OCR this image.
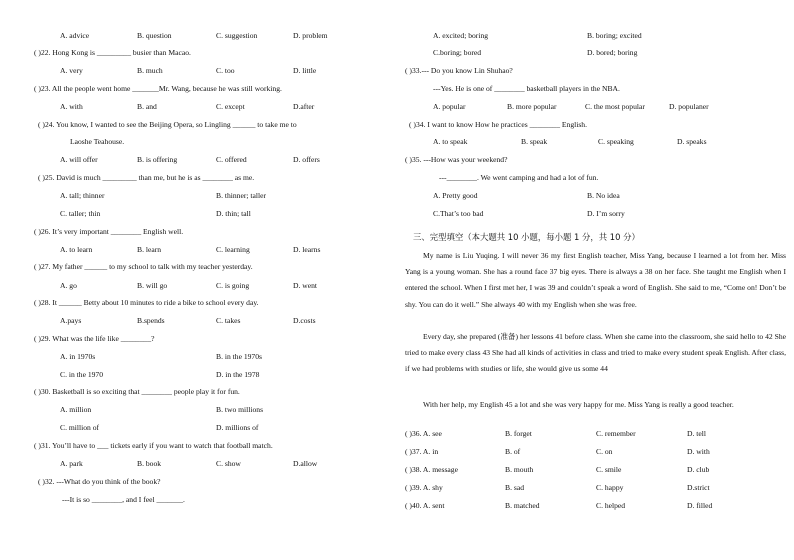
A. advice	B. question	C. suggestion	D. problem
( )22. Hong Kong is _________ busier than Macao.
A. very	B. much	C. too	D. little
( )23. All the people went home _______Mr. Wang, because he was still working.
A. with	B. and	C. except	D.after
( )24. You know, I wanted to see the Beijing Opera, so Lingling ______ to take me to
Laoshe Teahouse.
A. will offer	B. is offering	C. offered	D. offers
( )25. David is much _________ than me, but he is as ________ as me.
A. tall; thinner	B. thinner; taller
C. taller; thin	D. thin; tall
( )26. It’s very important ________ English well.
A. to learn	B. learn	C. learning	D. learns
( )27. My father ______ to my school to talk with my teacher yesterday.
A. go	B. will go	C. is going	D. went
( )28. It ______ Betty about 10 minutes to ride a bike to school every day.
A.pays	B.spends	C. takes	D.costs
( )29. What was the life like ________?
A. in 1970s	B. in the 1970s
C. in the 1970	D. in the 1978
( )30. Basketball is so exciting that ________ people play it for fun.
A. million	B. two millions
C. million of	D. millions of
( )31. You’ll have to ___ tickets early if you want to watch that football match.
A. park	B. book	C. show	D.allow
( )32. ---What do you think of the book?
---It is so ________, and I feel _______.
三、完型填空（本大题共 10 小题，每小题 1 分，共 10 分）

My name is Liu Yuqing. I will never 36 my first English teacher, Miss Yang, because I learned a lot from her. Miss Yang is a young woman. She has a round face 37 big eyes. There is always a 38 on her face. She taught me English when I entered the school. When I first met her, I was 39 and couldn’t speak a word of English. She said to me, “Come on! Don’t be shy. You can do it well.” She always 40 with my English when she was free.

Every day, she prepared (准备) her lessons 41 before class. When she came into the classroom, she said hello to 42 She tried to make every class 43 She had all kinds of activities in class and tried to make every student speak English. After class, if we had problems with studies or life, she would give us some 44

With her help, my English 45 a lot and she was very happy for me. Miss Yang is really a good teacher.

( )36. A. see	B. forget	C. remember	D. tell
( )37. A. in	B. of	C. on	D. with
( )38. A. message	B. mouth	C. smile	D. club
( )39. A. shy	B. sad	C. happy	D.strict
( )40. A. sent	B. matched	C. helped	D. filled
A. excited; boring	B. boring; excited
C.boring; bored	D. bored; boring
( )33.--- Do you know Lin Shuhao?
---Yes. He is one of ________ basketball players in the NBA.
A. popular	B. more popular	C. the most popular	D. populaner
( )34. I want to know How he practices ________ English.
A. to speak	B. speak	C. speaking	D. speaks
( )35. ---How was your weekend?
---________. We went camping and had a lot of fun.
A. Pretty good	B. No idea
C.That’s too bad	D. I’m sorry
